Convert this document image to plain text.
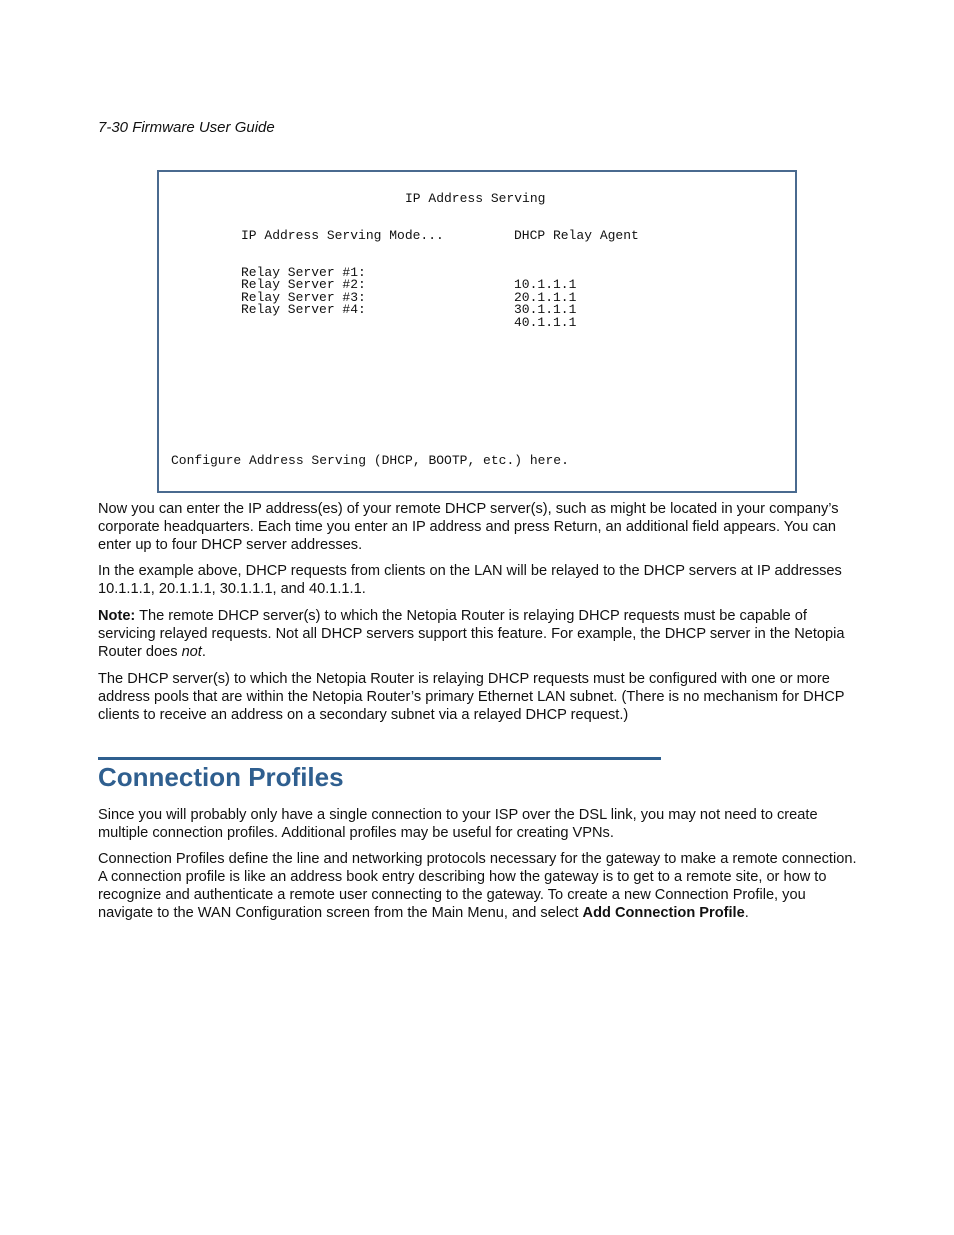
7-30 Firmware User Guide
IP Address Serving
IP Address Serving Mode...	DHCP Relay Agent

Relay Server #1:

10.1.1.1

Relay Server #2:

20.1.1.1

Relay Server #3:

30.1.1.1

Relay Server #4:

40.1.1.1

Configure Address Serving (DHCP, BOOTP, etc.) here.

Now you can enter the IP address(es) of your remote DHCP server(s), such as might be located in your company’s corporate headquarters. Each time you enter an IP address and press Return, an additional field appears. You can enter up to four DHCP server addresses.

In the example above, DHCP requests from clients on the LAN will be relayed to the DHCP servers at IP addresses 10.1.1.1, 20.1.1.1, 30.1.1.1, and 40.1.1.1.

Note: The remote DHCP server(s) to which the Netopia Router is relaying DHCP requests must be capable of servicing relayed requests. Not all DHCP servers support this feature. For example, the DHCP server in the Netopia Router does not.

The DHCP server(s) to which the Netopia Router is relaying DHCP requests must be configured with one or more address pools that are within the Netopia Router’s primary Ethernet LAN subnet. (There is no mechanism for DHCP clients to receive an address on a secondary subnet via a relayed DHCP request.)

Connection Profiles

Since you will probably only have a single connection to your ISP over the DSL link, you may not need to create multiple connection profiles. Additional profiles may be useful for creating VPNs.

Connection Profiles define the line and networking protocols necessary for the gateway to make a remote connection. A connection profile is like an address book entry describing how the gateway is to get to a remote site, or how to recognize and authenticate a remote user connecting to the gateway. To create a new Connection Profile, you navigate to the WAN Configuration screen from the Main Menu, and select Add Connection Profile.
